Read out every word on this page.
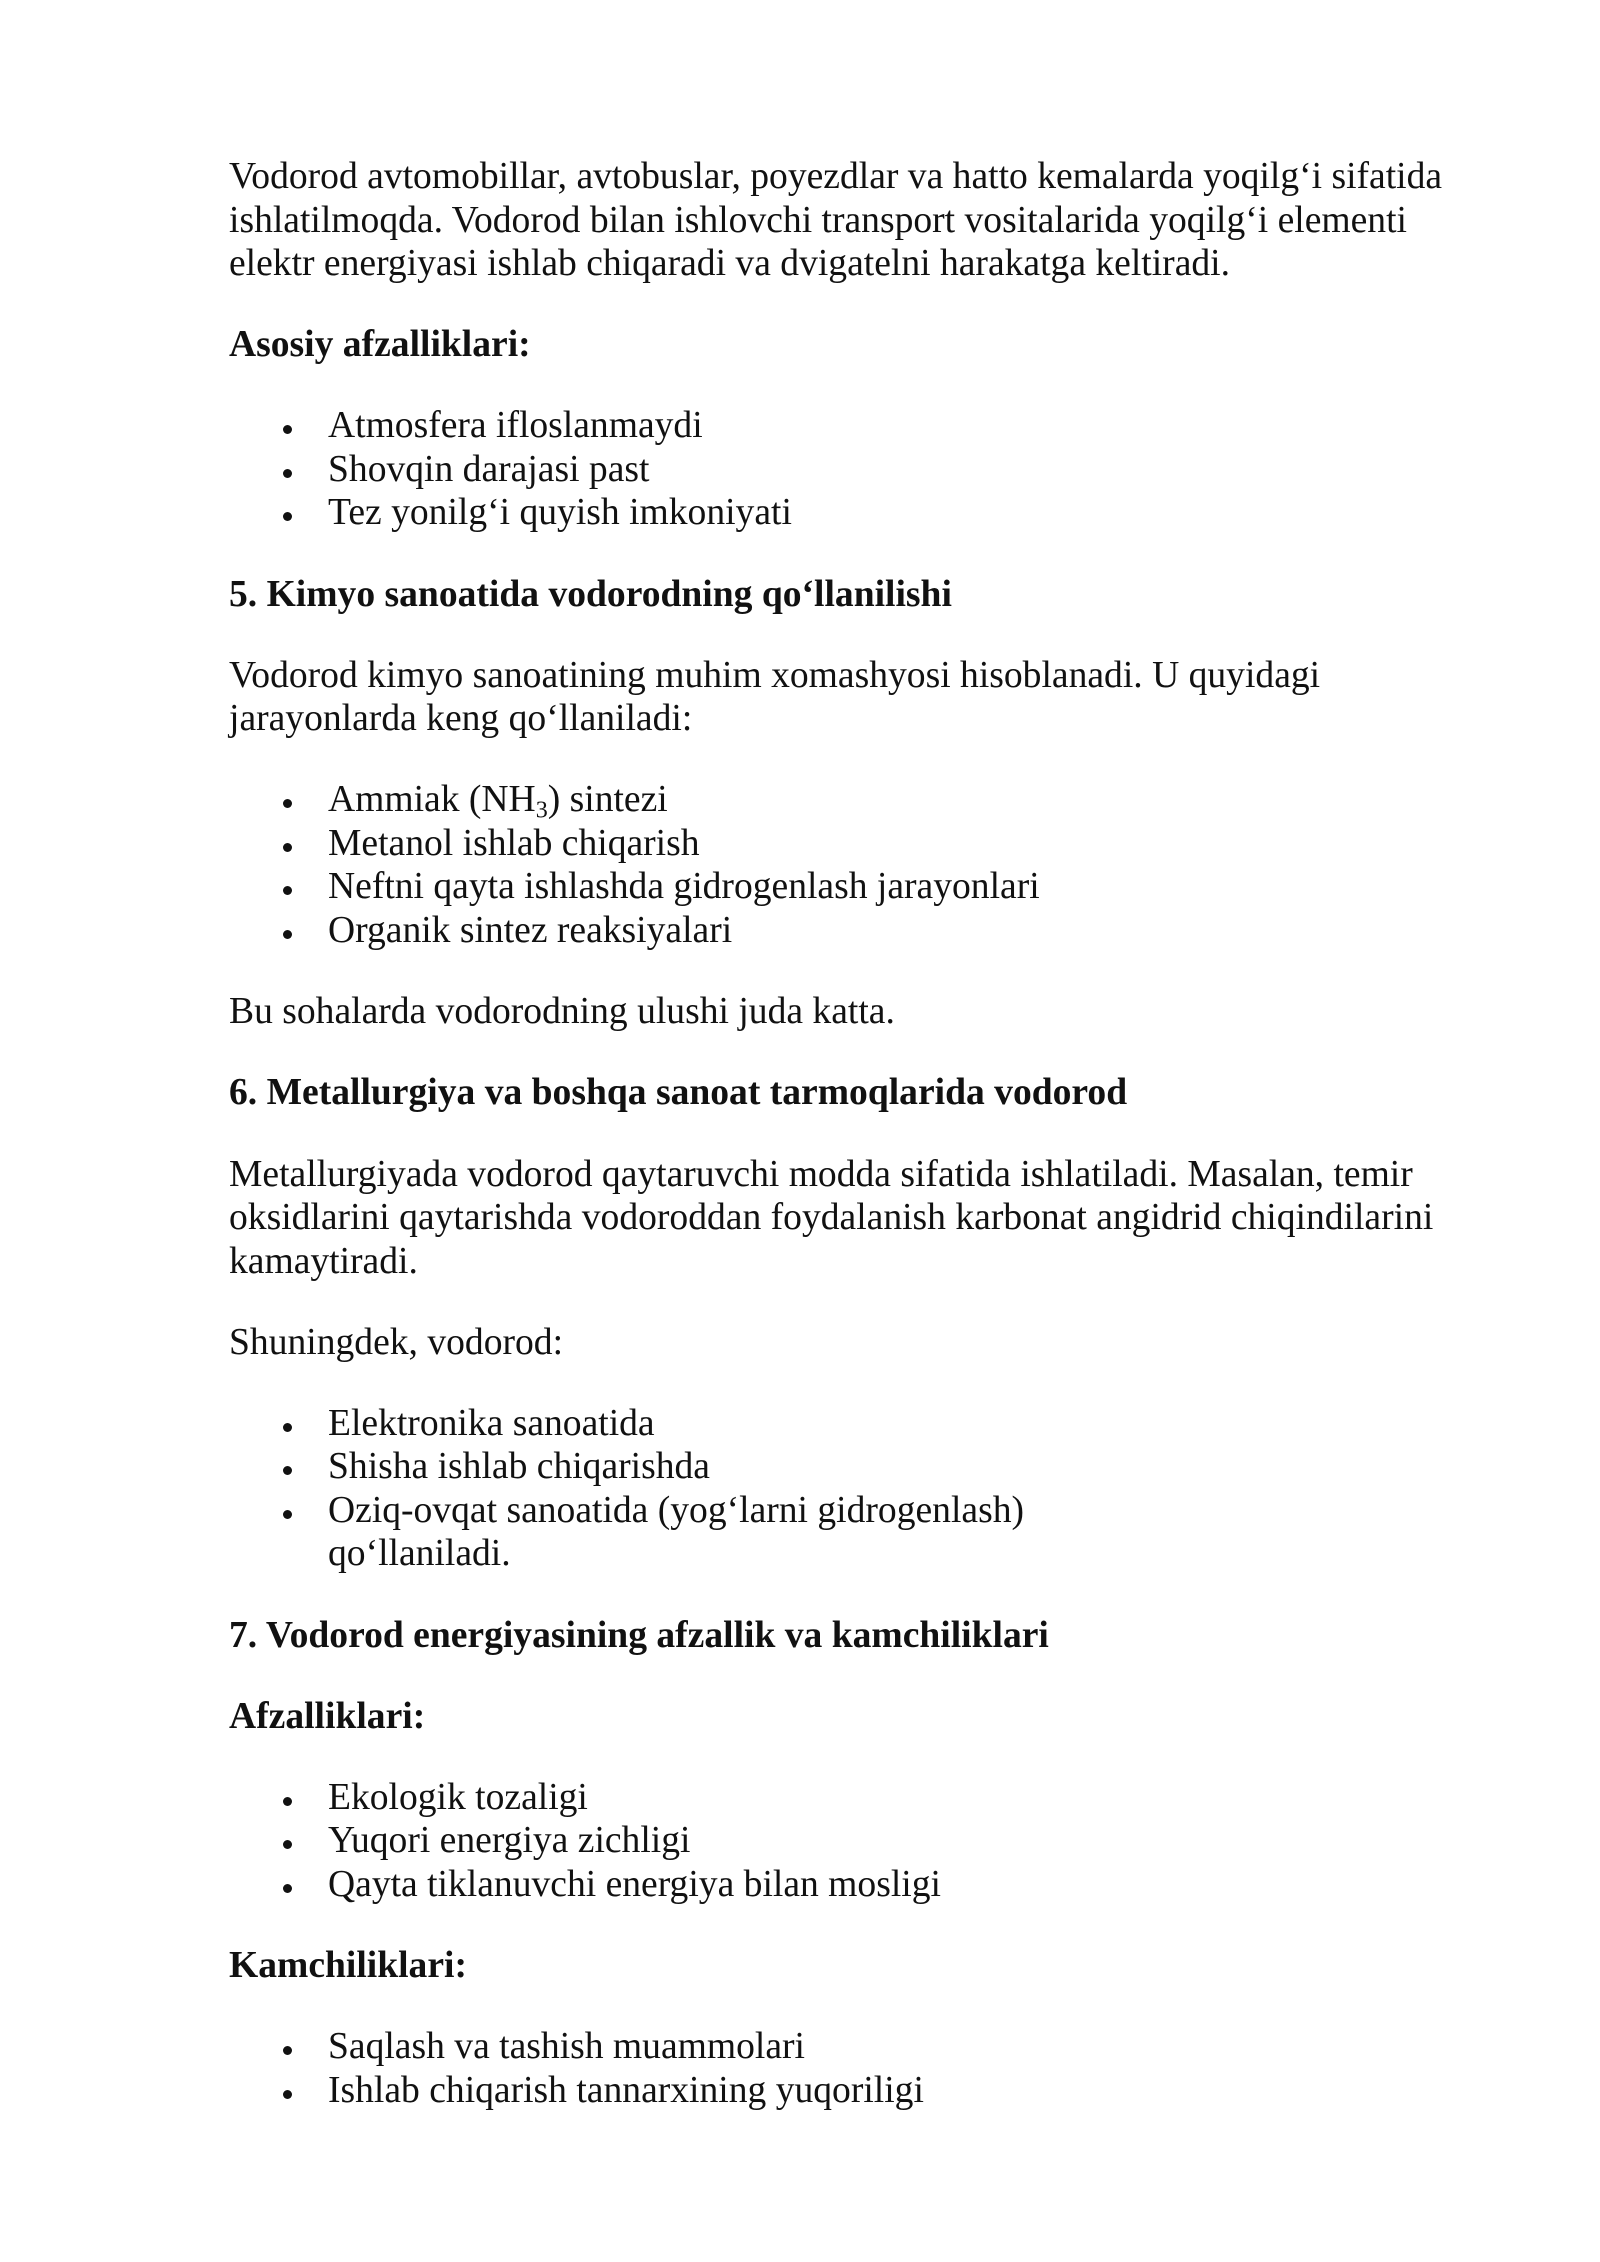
Vodorod avtomobillar, avtobuslar, poyezdlar va hatto kemalarda yoqilg‘i sifatida
ishlatilmoqda. Vodorod bilan ishlovchi transport vositalarida yoqilg‘i elementi
elektr energiyasi ishlab chiqaradi va dvigatelni harakatga keltiradi.
Asosiy afzalliklari:
Atmosfera ifloslanmaydi
Shovqin darajasi past
Tez yonilg‘i quyish imkoniyati
5. Kimyo sanoatida vodorodning qo‘llanilishi
Vodorod kimyo sanoatining muhim xomashyosi hisoblanadi. U quyidagi
jarayonlarda keng qo‘llaniladi:
Ammiak $(NH_3)$ sintezi
Metanol ishlab chiqarish
Neftni qayta ishlashda gidrogenlash jarayonlari
Organik sintez reaksiyalari
Bu sohalarda vodorodning ulushi juda katta.
6. Metallurgiya va boshqa sanoat tarmoqlarida vodorod
Metallurgiyada vodorod qaytaruvchi modda sifatida ishlatiladi. Masalan, temir
oksidlarini qaytarishda vodoroddan foydalanish karbonat angidrid chiqindilarini
kamaytiradi.
Shuningdek, vodorod:
Elektronika sanoatida
Shisha ishlab chiqarishda
Oziq-ovqat sanoatida (yog‘larni gidrogenlash)
qo‘llaniladi.
7. Vodorod energiyasining afzallik va kamchiliklari
Afzalliklari:
Ekologik tozaligi
Yuqori energiya zichligi
Qayta tiklanuvchi energiya bilan mosligi
Kamchiliklari:
Saqlash va tashish muammolari
Ishlab chiqarish tannarxining yuqoriligi
